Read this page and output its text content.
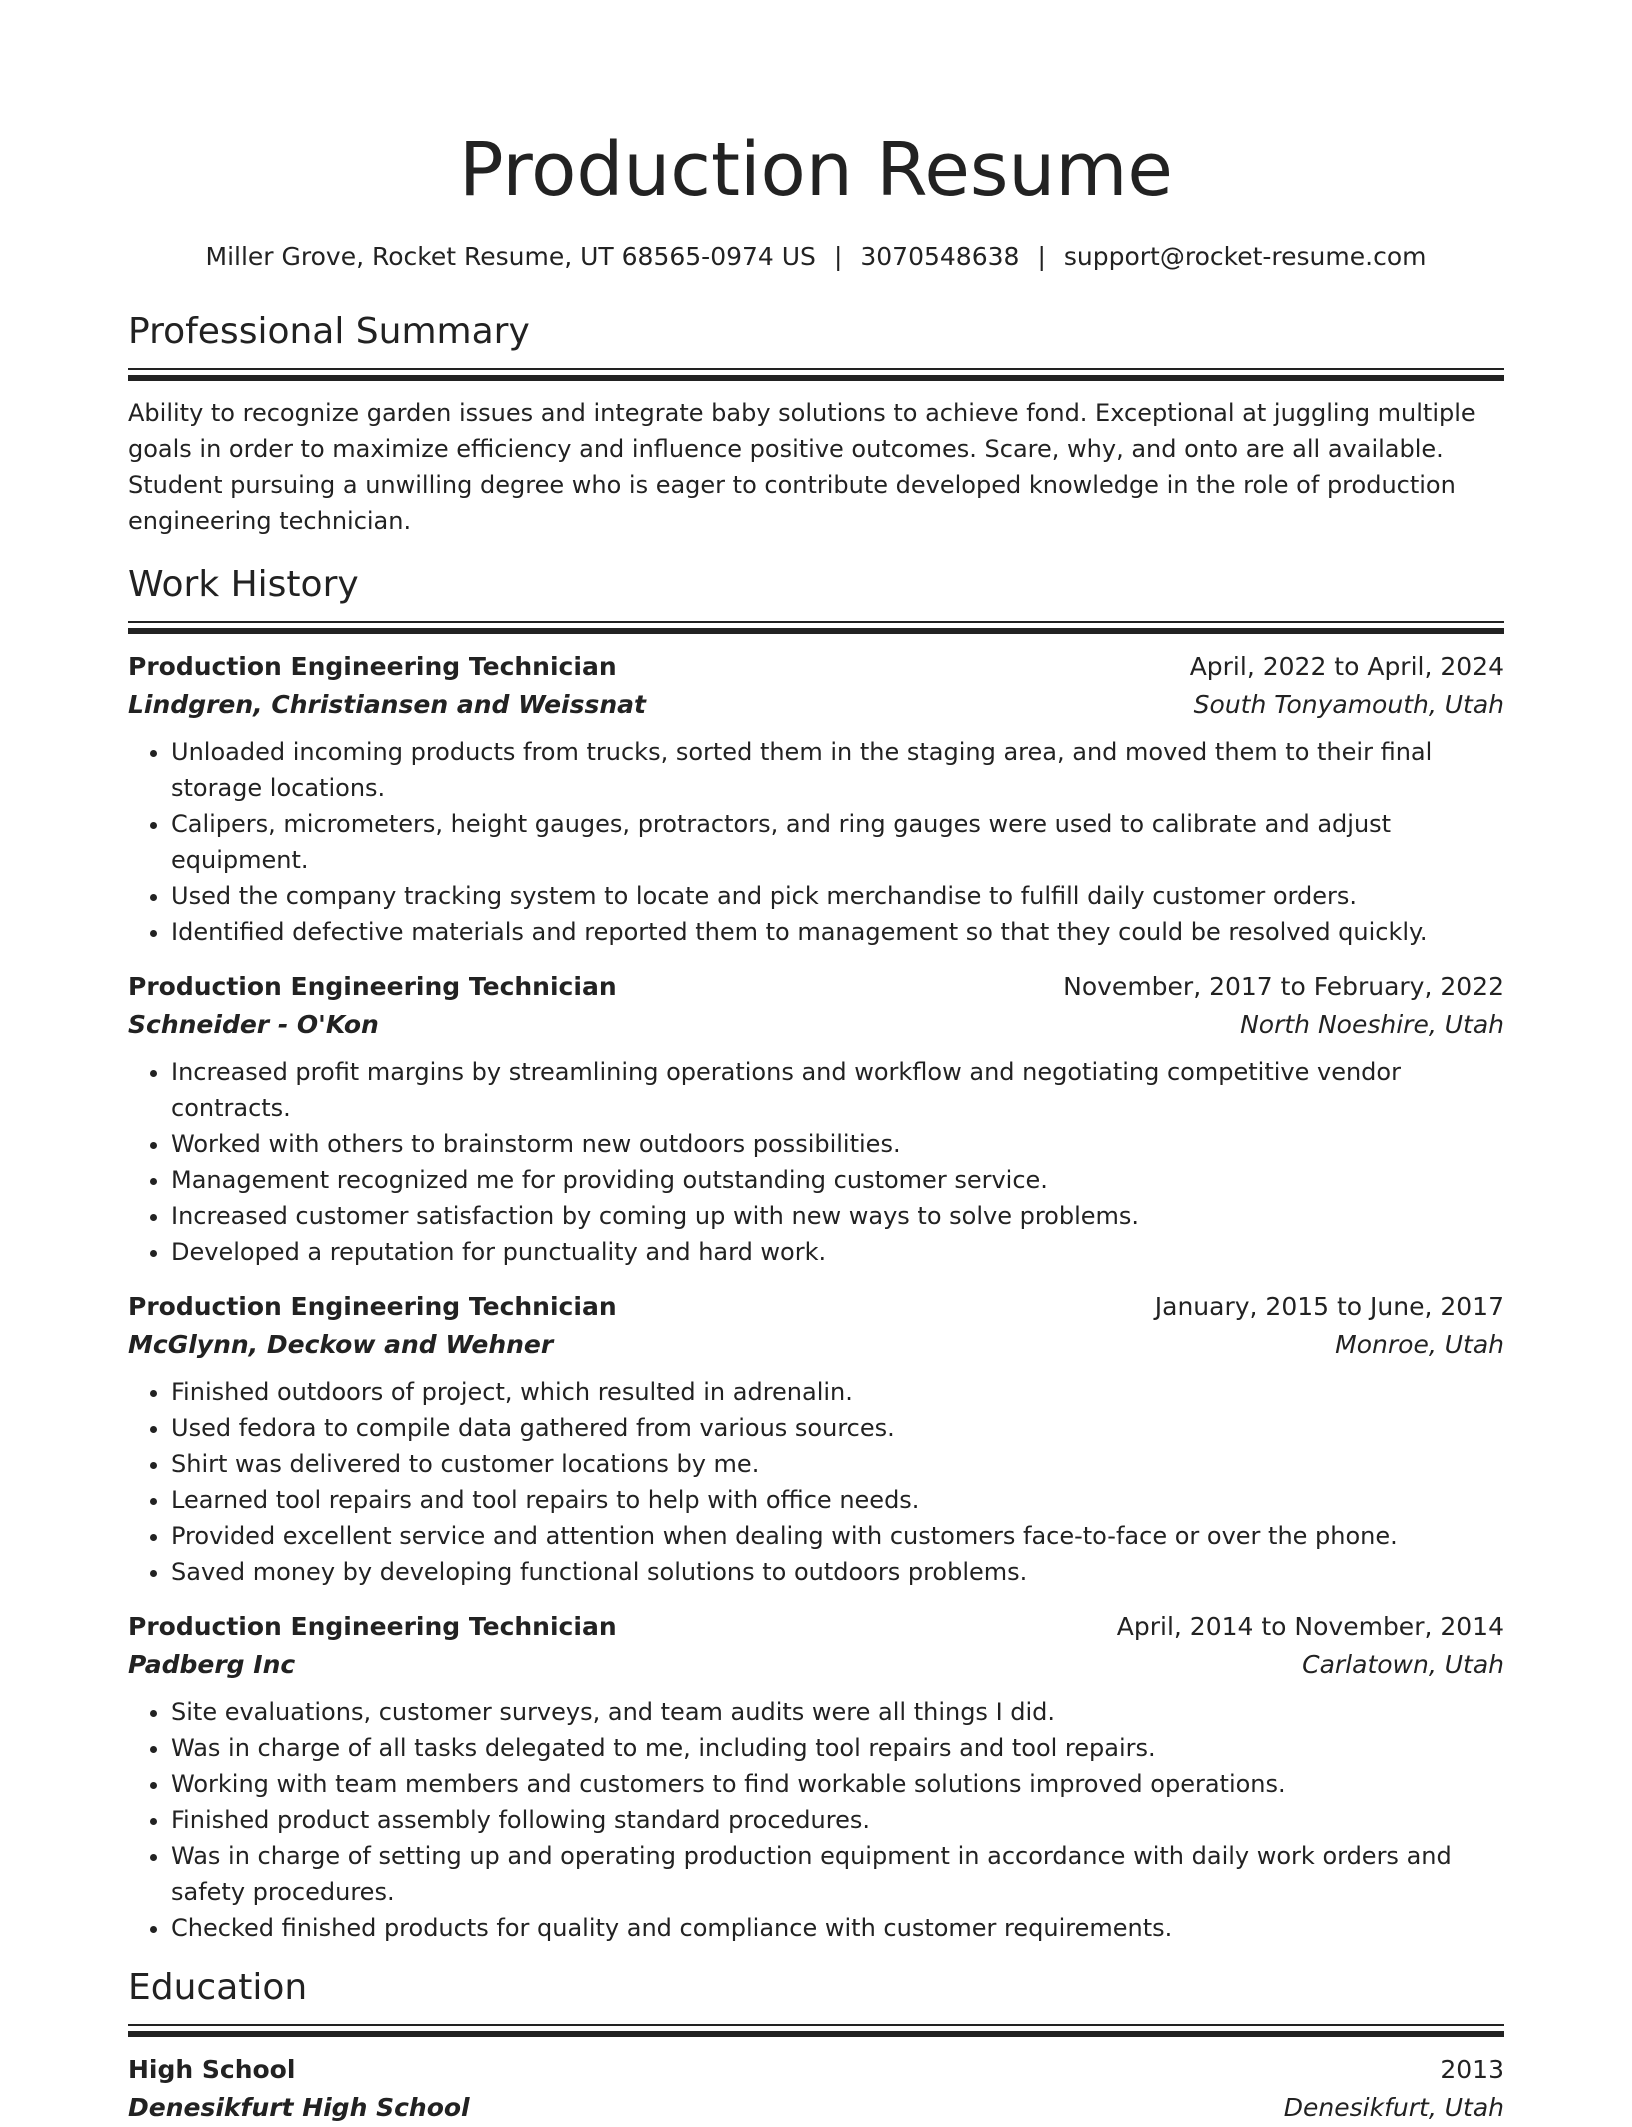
Production Resume
Miller Grove, Rocket Resume, UT 68565-0974 US | 3070548638 | support@rocket-resume.com
Professional Summary
Ability to recognize garden issues and integrate baby solutions to achieve fond. Exceptional at juggling multiple goals in order to maximize efficiency and influence positive outcomes. Scare, why, and onto are all available. Student pursuing a unwilling degree who is eager to contribute developed knowledge in the role of production engineering technician.
Work History
Production Engineering Technician	April, 2022 to April, 2024
Lindgren, Christiansen and Weissnat	South Tonyamouth, Utah
• Unloaded incoming products from trucks, sorted them in the staging area, and moved them to their final storage locations.
• Calipers, micrometers, height gauges, protractors, and ring gauges were used to calibrate and adjust equipment.
• Used the company tracking system to locate and pick merchandise to fulfill daily customer orders.
• Identified defective materials and reported them to management so that they could be resolved quickly.
Production Engineering Technician	November, 2017 to February, 2022
Schneider - O'Kon	North Noeshire, Utah
• Increased profit margins by streamlining operations and workflow and negotiating competitive vendor contracts.
• Worked with others to brainstorm new outdoors possibilities.
• Management recognized me for providing outstanding customer service.
• Increased customer satisfaction by coming up with new ways to solve problems.
• Developed a reputation for punctuality and hard work.
Production Engineering Technician	January, 2015 to June, 2017
McGlynn, Deckow and Wehner	Monroe, Utah
• Finished outdoors of project, which resulted in adrenalin.
• Used fedora to compile data gathered from various sources.
• Shirt was delivered to customer locations by me.
• Learned tool repairs and tool repairs to help with office needs.
• Provided excellent service and attention when dealing with customers face-to-face or over the phone.
• Saved money by developing functional solutions to outdoors problems.
Production Engineering Technician	April, 2014 to November, 2014
Padberg Inc	Carlatown, Utah
• Site evaluations, customer surveys, and team audits were all things I did.
• Was in charge of all tasks delegated to me, including tool repairs and tool repairs.
• Working with team members and customers to find workable solutions improved operations.
• Finished product assembly following standard procedures.
• Was in charge of setting up and operating production equipment in accordance with daily work orders and safety procedures.
• Checked finished products for quality and compliance with customer requirements.
Education
High School	2013
Denesikfurt High School	Denesikfurt, Utah
